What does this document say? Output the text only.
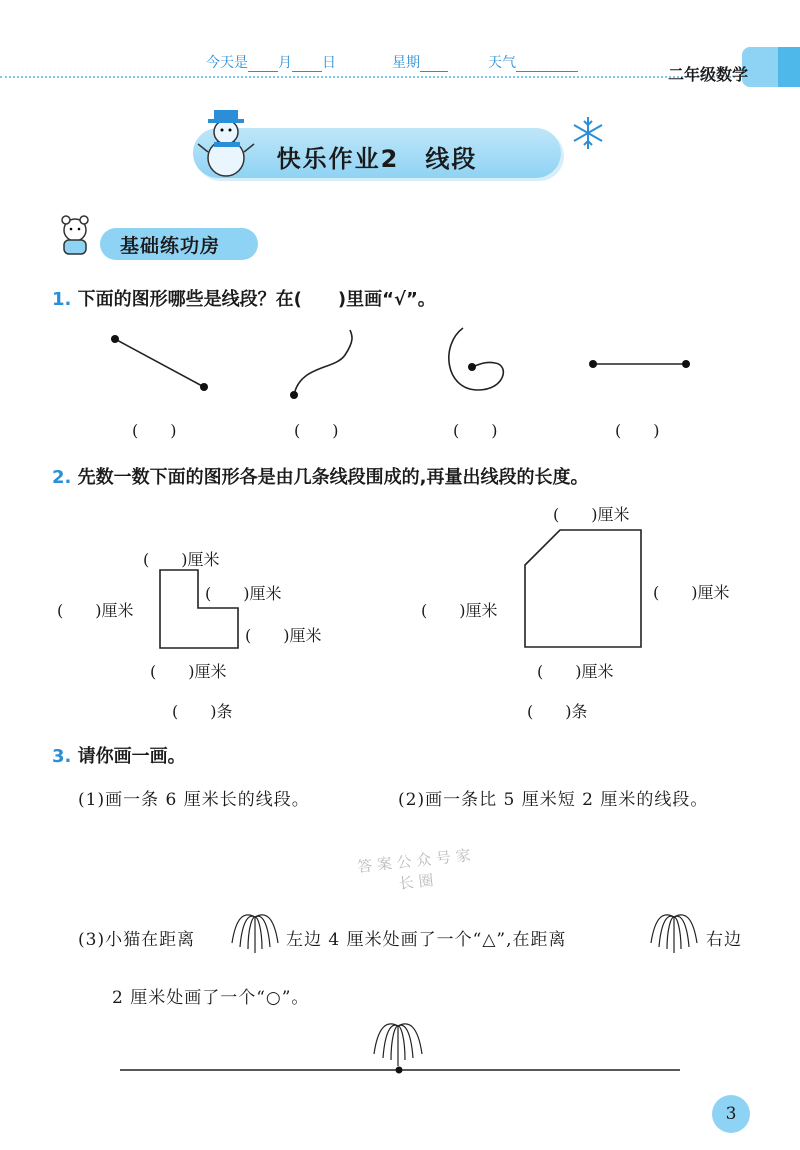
今天是 月 日	星期	天气
二年级数学
快乐作业2　线段
基础练功房
1. 下面的图形哪些是线段？在(　　)里画“√”。
(　　)	(　　)	(　　)	(　　)
2. 先数一数下面的图形各是由几条线段围成的,再量出线段的长度。
(　　)厘米
(　　)厘米
(　　)厘米
(　　)厘米
(　　)厘米
(　　)条
(　　)厘米
(　　)厘米
(　　)厘米
(　　)厘米
(　　)条
3. 请你画一画。
(1)画一条 6 厘米长的线段。	(2)画一条比 5 厘米短 2 厘米的线段。
答 案 公 众 号 家 长 圈
(3)小猫在距离	左边 4 厘米处画了一个“△”,在距离	右边
2 厘米处画了一个“○”。
3
